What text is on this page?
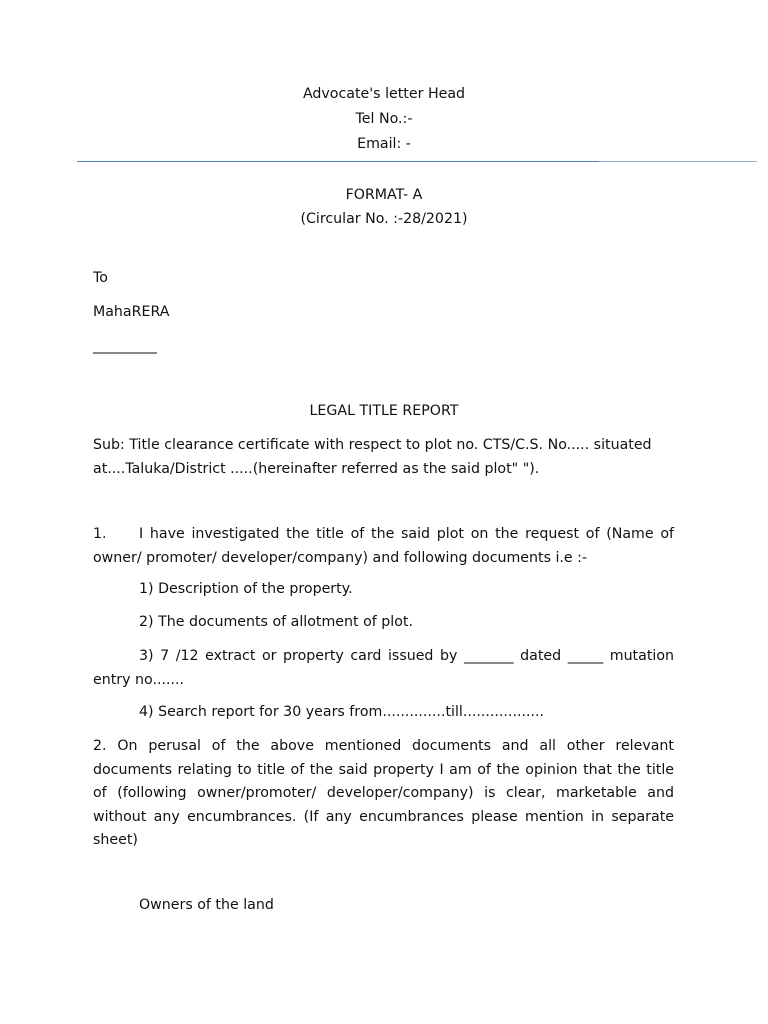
Advocate's letter Head
Tel No.:-
Email: -
FORMAT- A
(Circular No. :-28/2021)
To
MahaRERA
_________
LEGAL TITLE REPORT
Sub: Title clearance certificate with respect to plot no. CTS/C.S. No..... situated at....Taluka/District .....(hereinafter referred as the said plot" ").
1. I have investigated the title of the said plot on the request of (Name of owner/ promoter/ developer/company) and following documents i.e :-
1) Description of the property.
2) The documents of allotment of plot.
3) 7 /12 extract or property card issued by _______ dated _____ mutation entry no.......
4) Search report for 30 years from..............till..................
2. On perusal of the above mentioned documents and all other relevant documents relating to title of the said property I am of the opinion that the title of (following owner/promoter/ developer/company) is clear, marketable and without any encumbrances. (If any encumbrances please mention in separate sheet)
Owners of the land
